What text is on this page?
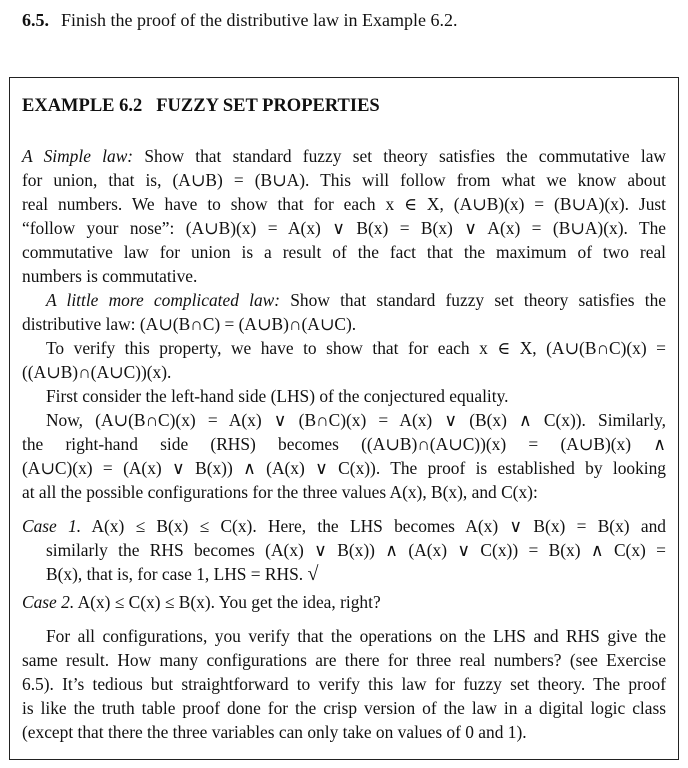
6.5. Finish the proof of the distributive law in Example 6.2.
EXAMPLE 6.2 FUZZY SET PROPERTIES
A Simple law: Show that standard fuzzy set theory satisfies the commutative law
for union, that is, (A∪B) = (B∪A). This will follow from what we know about
real numbers. We have to show that for each x ∈ X, (A∪B)(x) = (B∪A)(x). Just
“follow your nose”: (A∪B)(x) = A(x) ∨ B(x) = B(x) ∨ A(x) = (B∪A)(x). The
commutative law for union is a result of the fact that the maximum of two real
numbers is commutative.
A little more complicated law: Show that standard fuzzy set theory satisfies the
distributive law: (A∪(B∩C) = (A∪B)∩(A∪C).
To verify this property, we have to show that for each x ∈ X, (A∪(B∩C)(x) =
((A∪B)∩(A∪C))(x).
First consider the left-hand side (LHS) of the conjectured equality.
Now, (A∪(B∩C)(x) = A(x) ∨ (B∩C)(x) = A(x) ∨ (B(x) ∧ C(x)). Similarly,
the right-hand side (RHS) becomes ((A∪B)∩(A∪C))(x) = (A∪B)(x) ∧
(A∪C)(x) = (A(x) ∨ B(x)) ∧ (A(x) ∨ C(x)). The proof is established by looking
at all the possible configurations for the three values A(x), B(x), and C(x):
Case 1. A(x) ≤ B(x) ≤ C(x). Here, the LHS becomes A(x) ∨ B(x) = B(x) and
similarly the RHS becomes (A(x) ∨ B(x)) ∧ (A(x) ∨ C(x)) = B(x) ∧ C(x) =
B(x), that is, for case 1, LHS = RHS. √
Case 2. A(x) ≤ C(x) ≤ B(x). You get the idea, right?
For all configurations, you verify that the operations on the LHS and RHS give the
same result. How many configurations are there for three real numbers? (see Exercise
6.5). It’s tedious but straightforward to verify this law for fuzzy set theory. The proof
is like the truth table proof done for the crisp version of the law in a digital logic class
(except that there the three variables can only take on values of 0 and 1).
